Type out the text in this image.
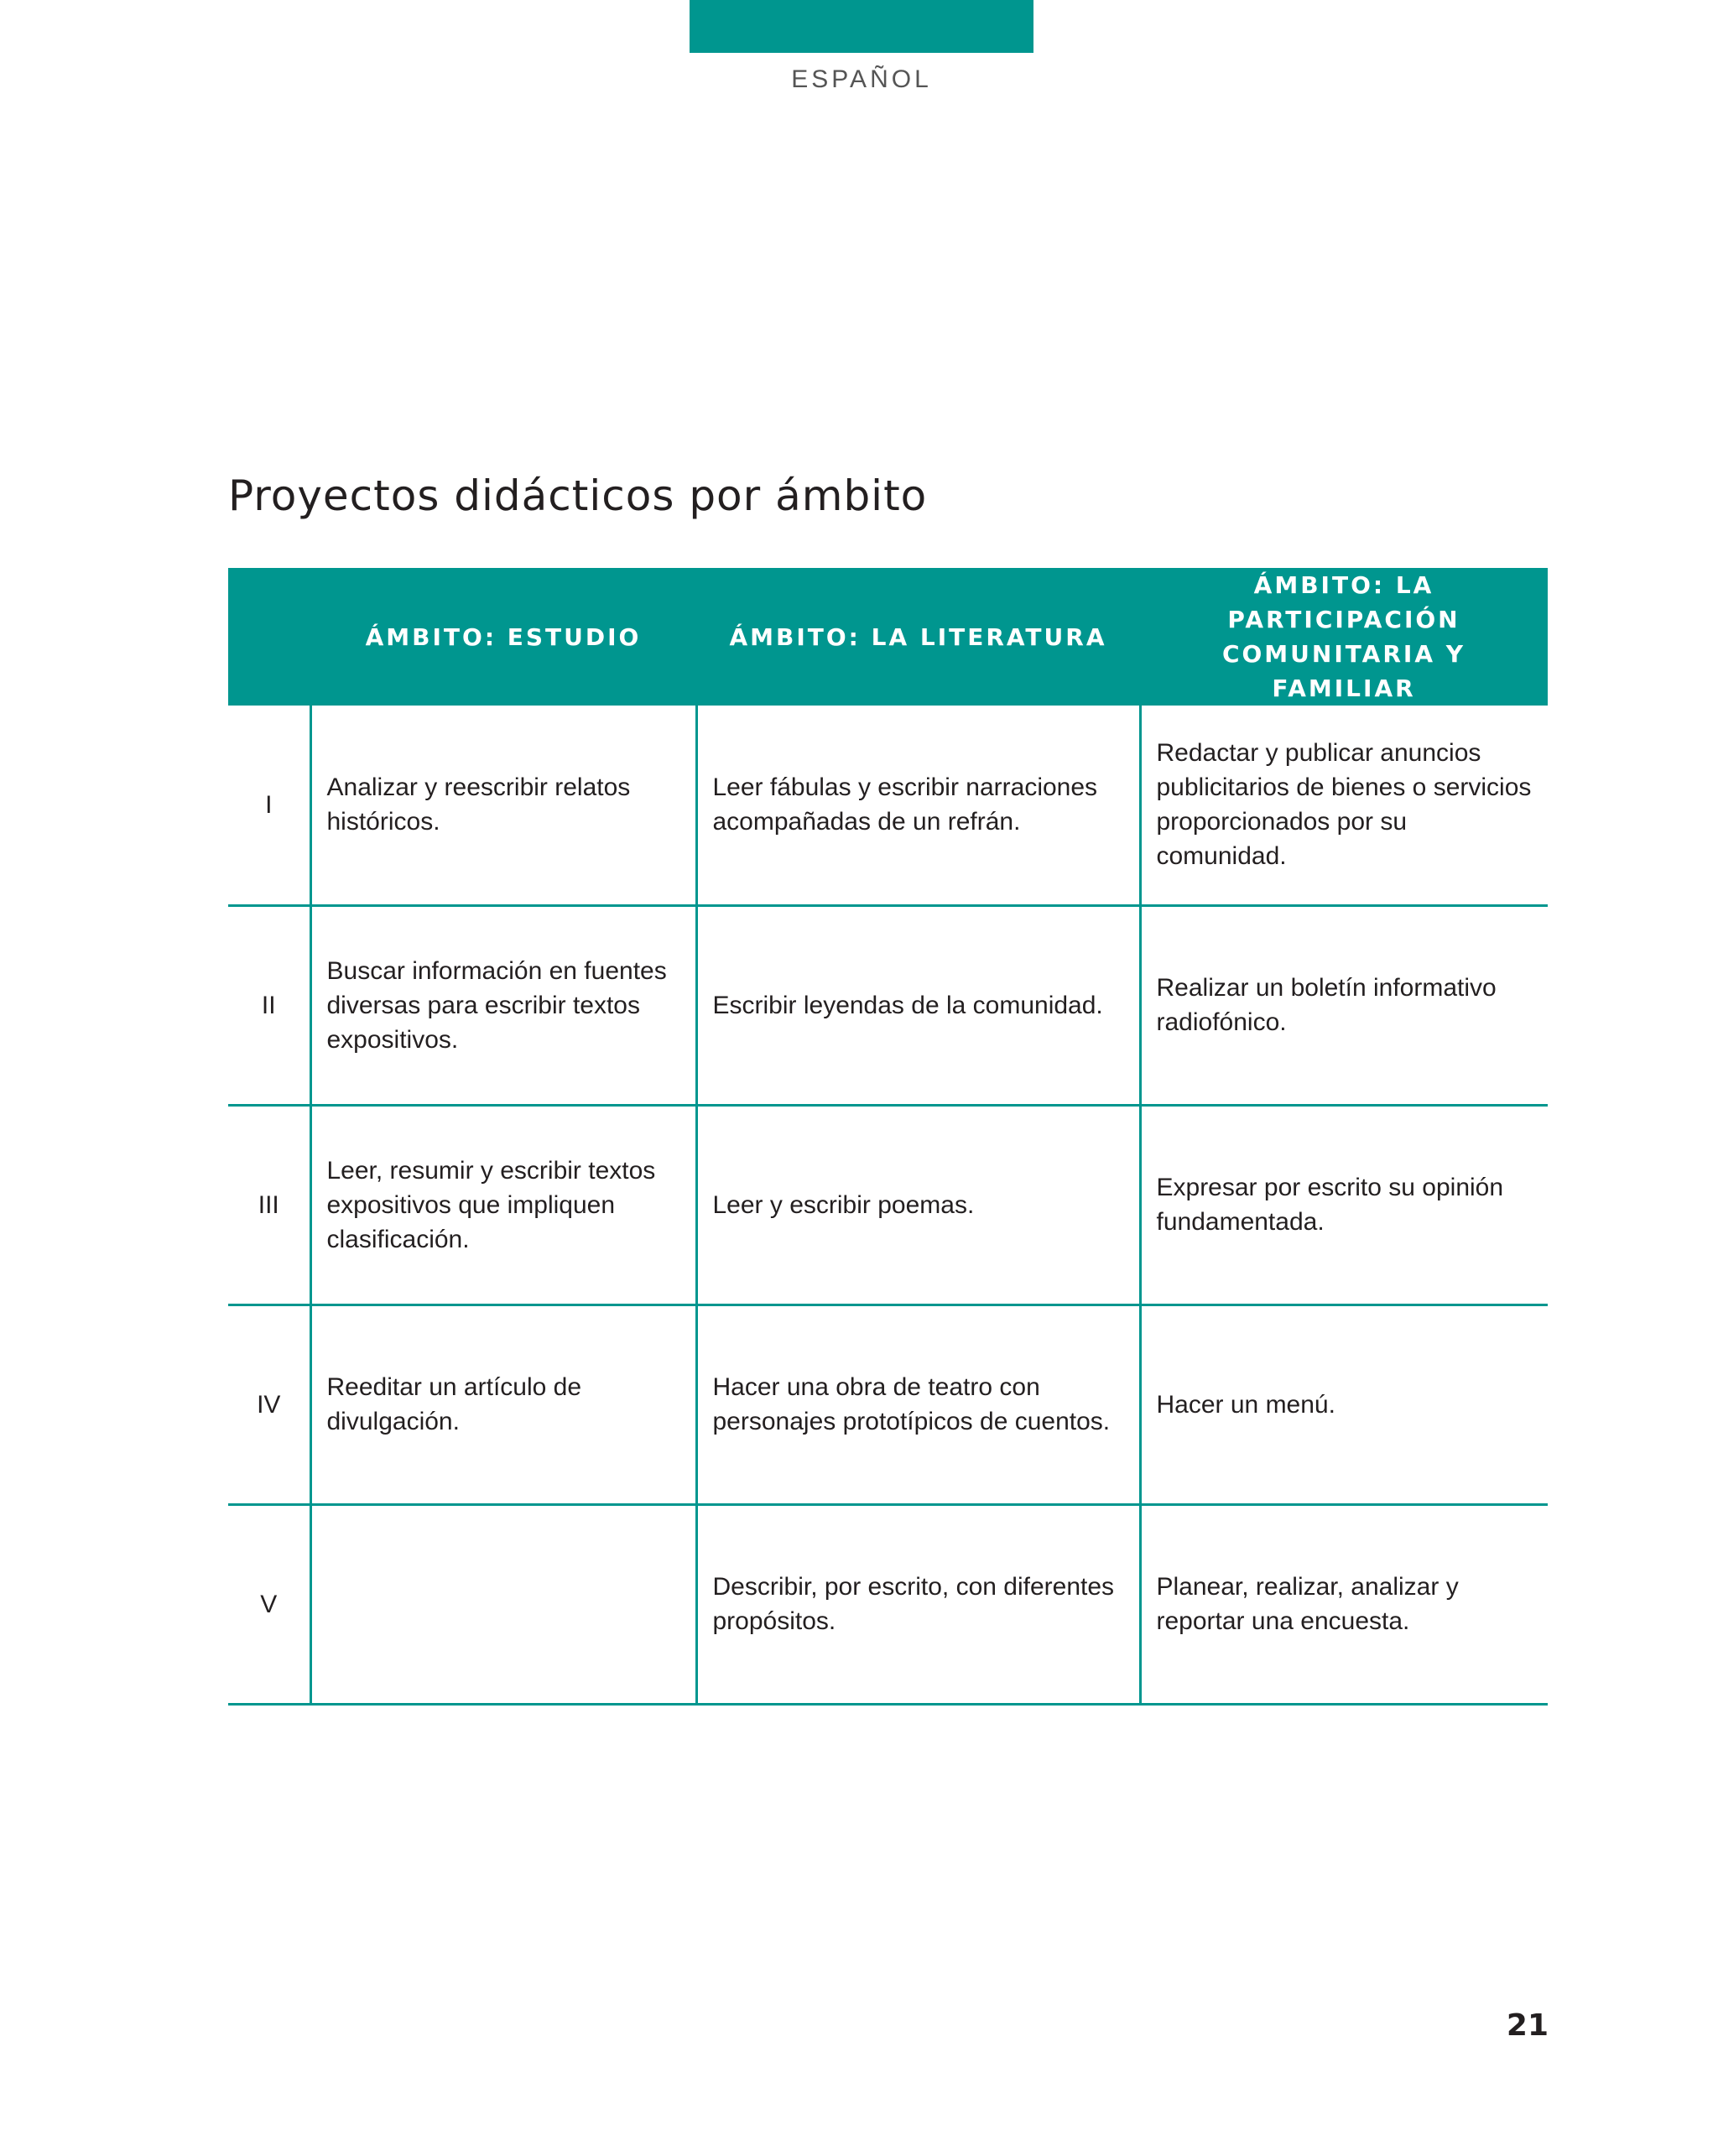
ESPAÑOL
Proyectos didácticos por ámbito
	ÁMBITO: ESTUDIO	ÁMBITO: LA LITERATURA	ÁMBITO: LA PARTICIPACIÓN COMUNITARIA Y FAMILIAR
I	Analizar y reescribir relatos históricos.	Leer fábulas y escribir narraciones acompañadas de un refrán.	Redactar y publicar anuncios publicitarios de bienes o servicios proporcionados por su comunidad.
II	Buscar información en fuentes diversas para escribir textos expositivos.	Escribir leyendas de la comunidad.	Realizar un boletín informativo radiofónico.
III	Leer, resumir y escribir textos expositivos que impliquen clasificación.	Leer y escribir poemas.	Expresar por escrito su opinión fundamentada.
IV	Reeditar un artículo de divulgación.	Hacer una obra de teatro con personajes prototípicos de cuentos.	Hacer un menú.
V		Describir, por escrito, con diferentes propósitos.	Planear, realizar, analizar y reportar una encuesta.
21
